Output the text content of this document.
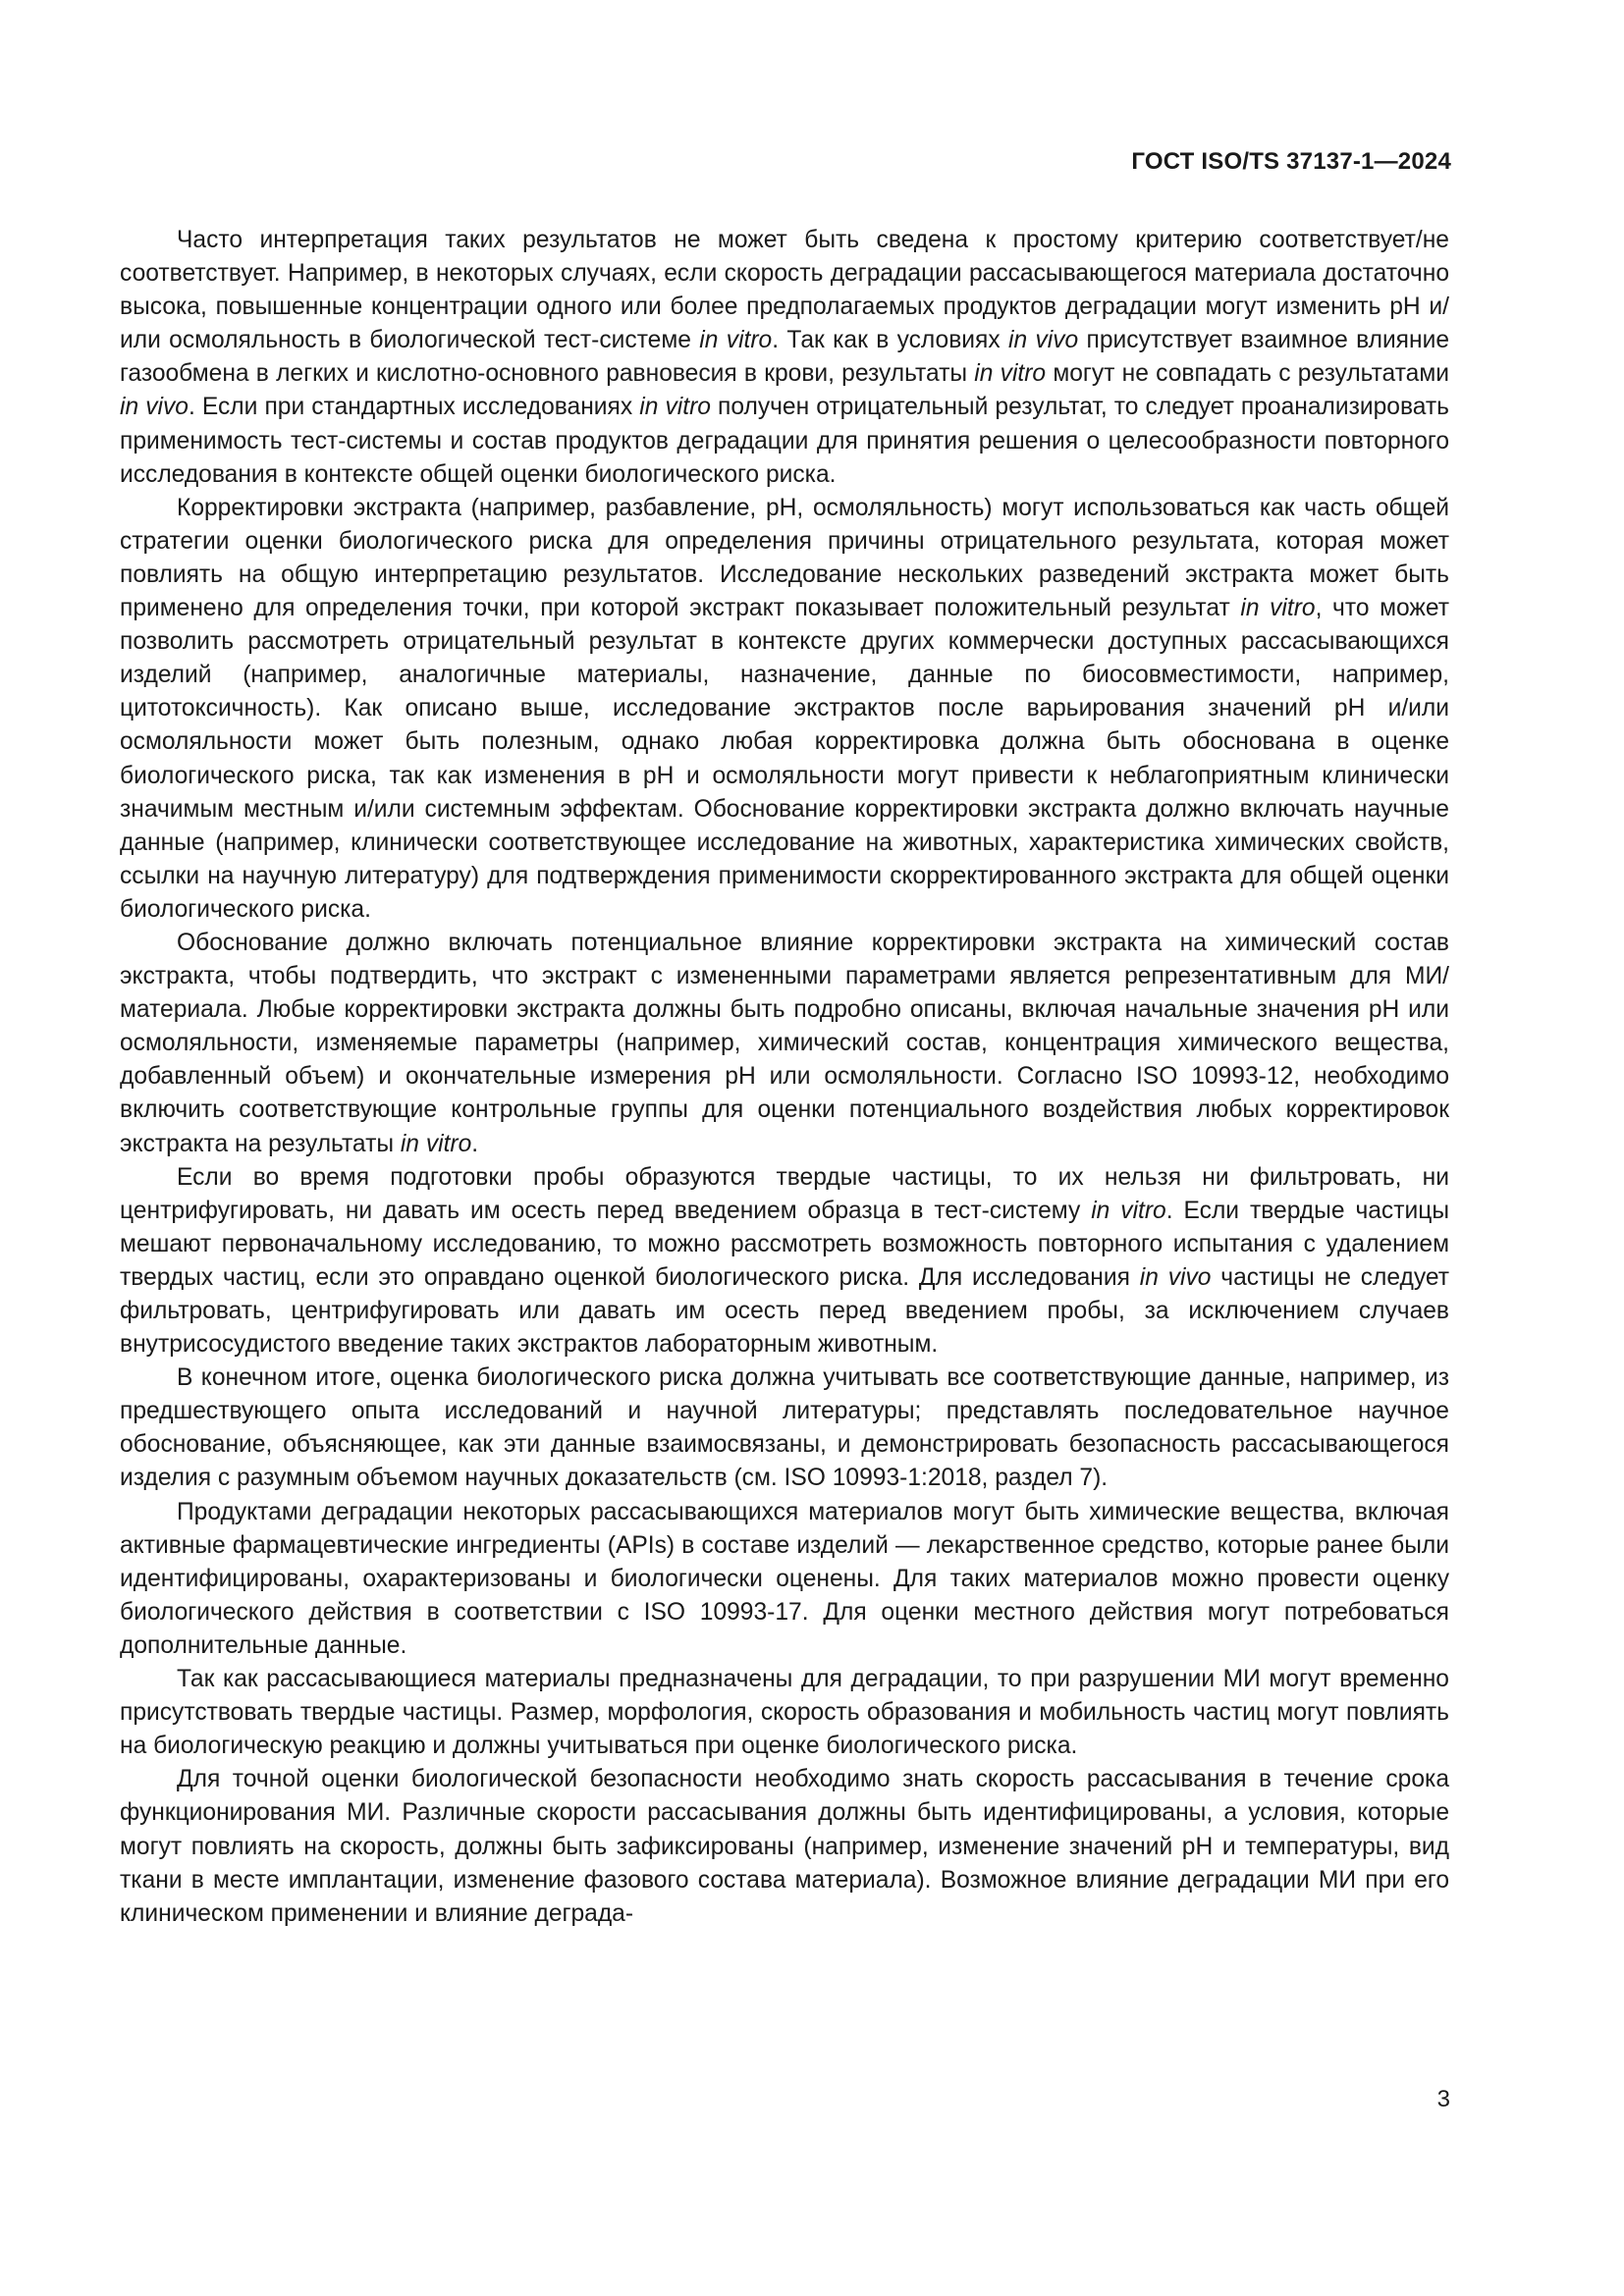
ГОСТ ISO/TS 37137-1—2024

Часто интерпретация таких результатов не может быть сведена к простому критерию соответствует/не соответствует. Например, в некоторых случаях, если скорость деградации рассасывающегося материала достаточно высока, повышенные концентрации одного или более предполагаемых продуктов деградации могут изменить pH и/или осмоляльность в биологической тест-системе in vitro. Так как в условиях in vivo присутствует взаимное влияние газообмена в легких и кислотно-основного равновесия в крови, результаты in vitro могут не совпадать с результатами in vivo. Если при стандартных исследованиях in vitro получен отрицательный результат, то следует проанализировать применимость тест-системы и состав продуктов деградации для принятия решения о целесообразности повторного исследования в контексте общей оценки биологического риска.

Корректировки экстракта (например, разбавление, pH, осмоляльность) могут использоваться как часть общей стратегии оценки биологического риска для определения причины отрицательного результата, которая может повлиять на общую интерпретацию результатов. Исследование нескольких разведений экстракта может быть применено для определения точки, при которой экстракт показывает положительный результат in vitro, что может позволить рассмотреть отрицательный результат в контексте других коммерчески доступных рассасывающихся изделий (например, аналогичные материалы, назначение, данные по биосовместимости, например, цитотоксичность). Как описано выше, исследование экстрактов после варьирования значений pH и/или осмоляльности может быть полезным, однако любая корректировка должна быть обоснована в оценке биологического риска, так как изменения в pH и осмоляльности могут привести к неблагоприятным клинически значимым местным и/или системным эффектам. Обоснование корректировки экстракта должно включать научные данные (например, клинически соответствующее исследование на животных, характеристика химических свойств, ссылки на научную литературу) для подтверждения применимости скорректированного экстракта для общей оценки биологического риска.

Обоснование должно включать потенциальное влияние корректировки экстракта на химический состав экстракта, чтобы подтвердить, что экстракт с измененными параметрами является репрезентативным для МИ/материала. Любые корректировки экстракта должны быть подробно описаны, включая начальные значения pH или осмоляльности, изменяемые параметры (например, химический состав, концентрация химического вещества, добавленный объем) и окончательные измерения pH или осмоляльности. Согласно ISO 10993-12, необходимо включить соответствующие контрольные группы для оценки потенциального воздействия любых корректировок экстракта на результаты in vitro.

Если во время подготовки пробы образуются твердые частицы, то их нельзя ни фильтровать, ни центрифугировать, ни давать им осесть перед введением образца в тест-систему in vitro. Если твердые частицы мешают первоначальному исследованию, то можно рассмотреть возможность повторного испытания с удалением твердых частиц, если это оправдано оценкой биологического риска. Для исследования in vivo частицы не следует фильтровать, центрифугировать или давать им осесть перед введением пробы, за исключением случаев внутрисосудистого введение таких экстрактов лабораторным животным.

В конечном итоге, оценка биологического риска должна учитывать все соответствующие данные, например, из предшествующего опыта исследований и научной литературы; представлять последовательное научное обоснование, объясняющее, как эти данные взаимосвязаны, и демонстрировать безопасность рассасывающегося изделия с разумным объемом научных доказательств (см. ISO 10993-1:2018, раздел 7).

Продуктами деградации некоторых рассасывающихся материалов могут быть химические вещества, включая активные фармацевтические ингредиенты (APIs) в составе изделий — лекарственное средство, которые ранее были идентифицированы, охарактеризованы и биологически оценены. Для таких материалов можно провести оценку биологического действия в соответствии с ISO 10993-17. Для оценки местного действия могут потребоваться дополнительные данные.

Так как рассасывающиеся материалы предназначены для деградации, то при разрушении МИ могут временно присутствовать твердые частицы. Размер, морфология, скорость образования и мобильность частиц могут повлиять на биологическую реакцию и должны учитываться при оценке биологического риска.

Для точной оценки биологической безопасности необходимо знать скорость рассасывания в течение срока функционирования МИ. Различные скорости рассасывания должны быть идентифицированы, а условия, которые могут повлиять на скорость, должны быть зафиксированы (например, изменение значений pH и температуры, вид ткани в месте имплантации, изменение фазового состава материала). Возможное влияние деградации МИ при его клиническом применении и влияние деграда-

3
